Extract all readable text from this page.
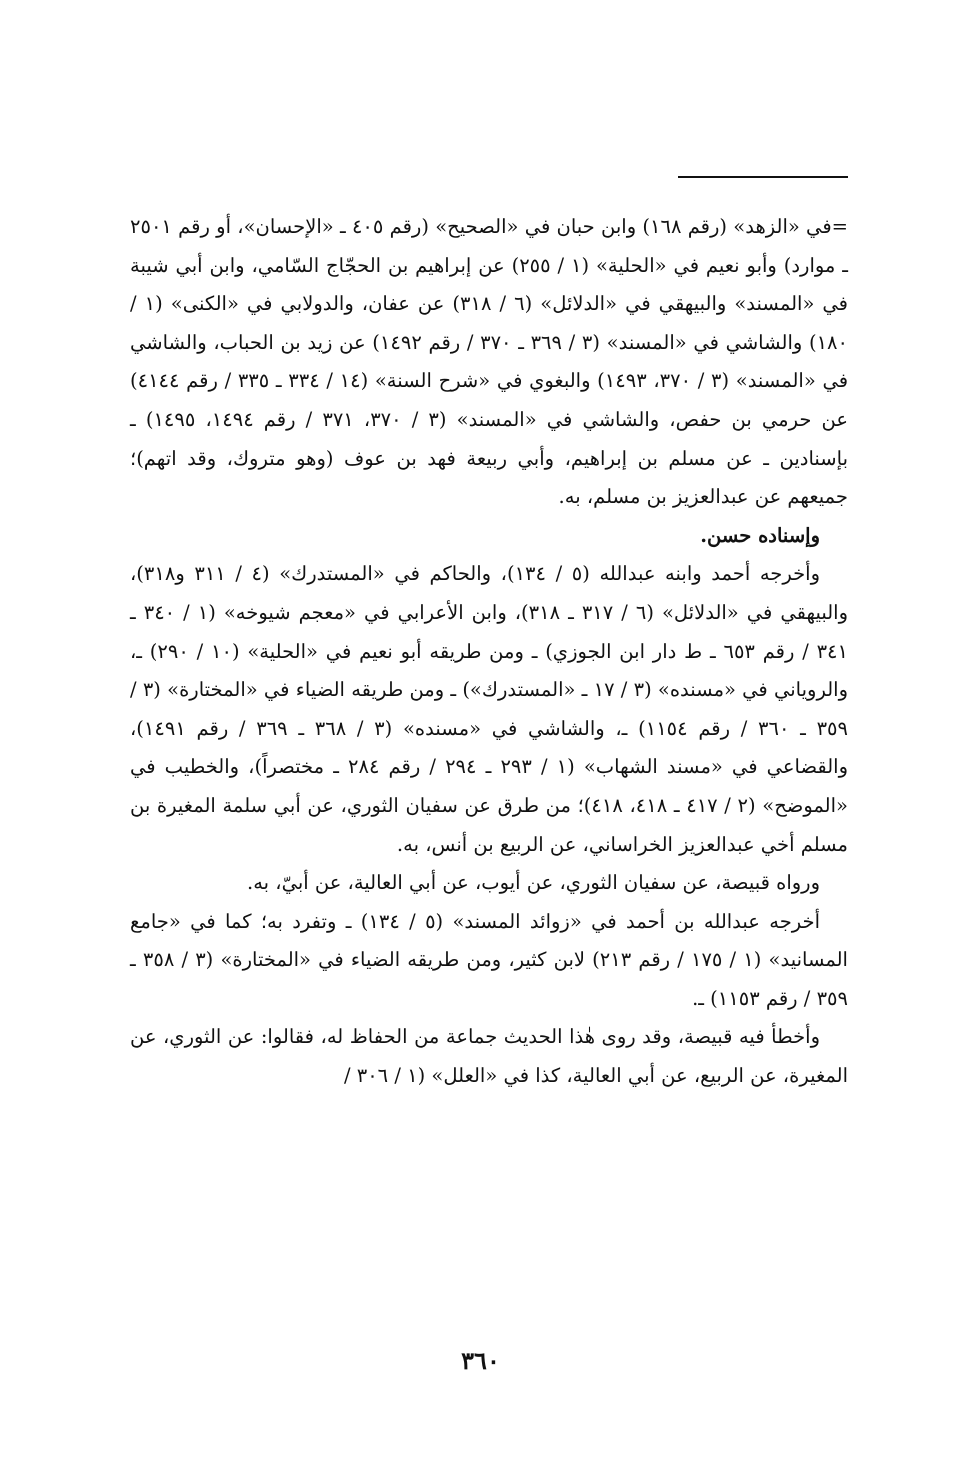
=في «الزهد» (رقم ١٦٨) وابن حبان في «الصحيح» (رقم ٤٠٥ ـ «الإحسان»، أو رقم ٢٥٠١ ـ موارد) وأبو نعيم في «الحلية» (١ / ٢٥٥) عن إبراهيم بن الحجّاج السّامي، وابن أبي شيبة في «المسند» والبيهقي في «الدلائل» (٦ / ٣١٨) عن عفان، والدولابي في «الكنى» (١ / ١٨٠) والشاشي في «المسند» (٣ / ٣٦٩ ـ ٣٧٠ / رقم ١٤٩٢) عن زيد بن الحباب، والشاشي في «المسند» (٣ / ٣٧٠، ١٤٩٣) والبغوي في «شرح السنة» (١٤ / ٣٣٤ ـ ٣٣٥ / رقم ٤١٤٤) عن حرمي بن حفص، والشاشي في «المسند» (٣ / ٣٧٠، ٣٧١ / رقم ١٤٩٤، ١٤٩٥) ـ بإسنادين ـ عن مسلم بن إبراهيم، وأبي ربيعة فهد بن عوف (وهو متروك، وقد اتهم)؛ جميعهم عن عبدالعزيز بن مسلم، به.

وإسناده حسن.

وأخرجه أحمد وابنه عبدالله (٥ / ١٣٤)، والحاكم في «المستدرك» (٤ / ٣١١ و٣١٨)، والبيهقي في «الدلائل» (٦ / ٣١٧ ـ ٣١٨)، وابن الأعرابي في «معجم شيوخه» (١ / ٣٤٠ ـ ٣٤١ / رقم ٦٥٣ ـ ط دار ابن الجوزي) ـ ومن طريقه أبو نعيم في «الحلية» (١٠ / ٢٩٠) ـ، والروياني في «مسنده» (٣ / ١٧ ـ «المستدرك») ـ ومن طريقه الضياء في «المختارة» (٣ / ٣٥٩ ـ ٣٦٠ / رقم ١١٥٤) ـ، والشاشي في «مسنده» (٣ / ٣٦٨ ـ ٣٦٩ / رقم ١٤٩١)، والقضاعي في «مسند الشهاب» (١ / ٢٩٣ ـ ٢٩٤ / رقم ٢٨٤ ـ مختصراً)، والخطيب في «الموضح» (٢ / ٤١٧ ـ ٤١٨، ٤١٨)؛ من طرق عن سفيان الثوري، عن أبي سلمة المغيرة بن مسلم أخي عبدالعزيز الخراساني، عن الربيع بن أنس، به.

ورواه قبيصة، عن سفيان الثوري، عن أيوب، عن أبي العالية، عن أبيّ، به.

أخرجه عبدالله بن أحمد في «زوائد المسند» (٥ / ١٣٤) ـ وتفرد به؛ كما في «جامع المسانيد» (١ / ١٧٥ / رقم ٢١٣) لابن كثير، ومن طريقه الضياء في «المختارة» (٣ / ٣٥٨ ـ ٣٥٩ / رقم ١١٥٣) ـ.

وأخطأ فيه قبيصة، وقد روى هٰذا الحديث جماعة من الحفاظ له، فقالوا: عن الثوري، عن المغيرة، عن الربيع، عن أبي العالية، كذا في «العلل» (١ / ٣٠٦ /

٣٦٠
